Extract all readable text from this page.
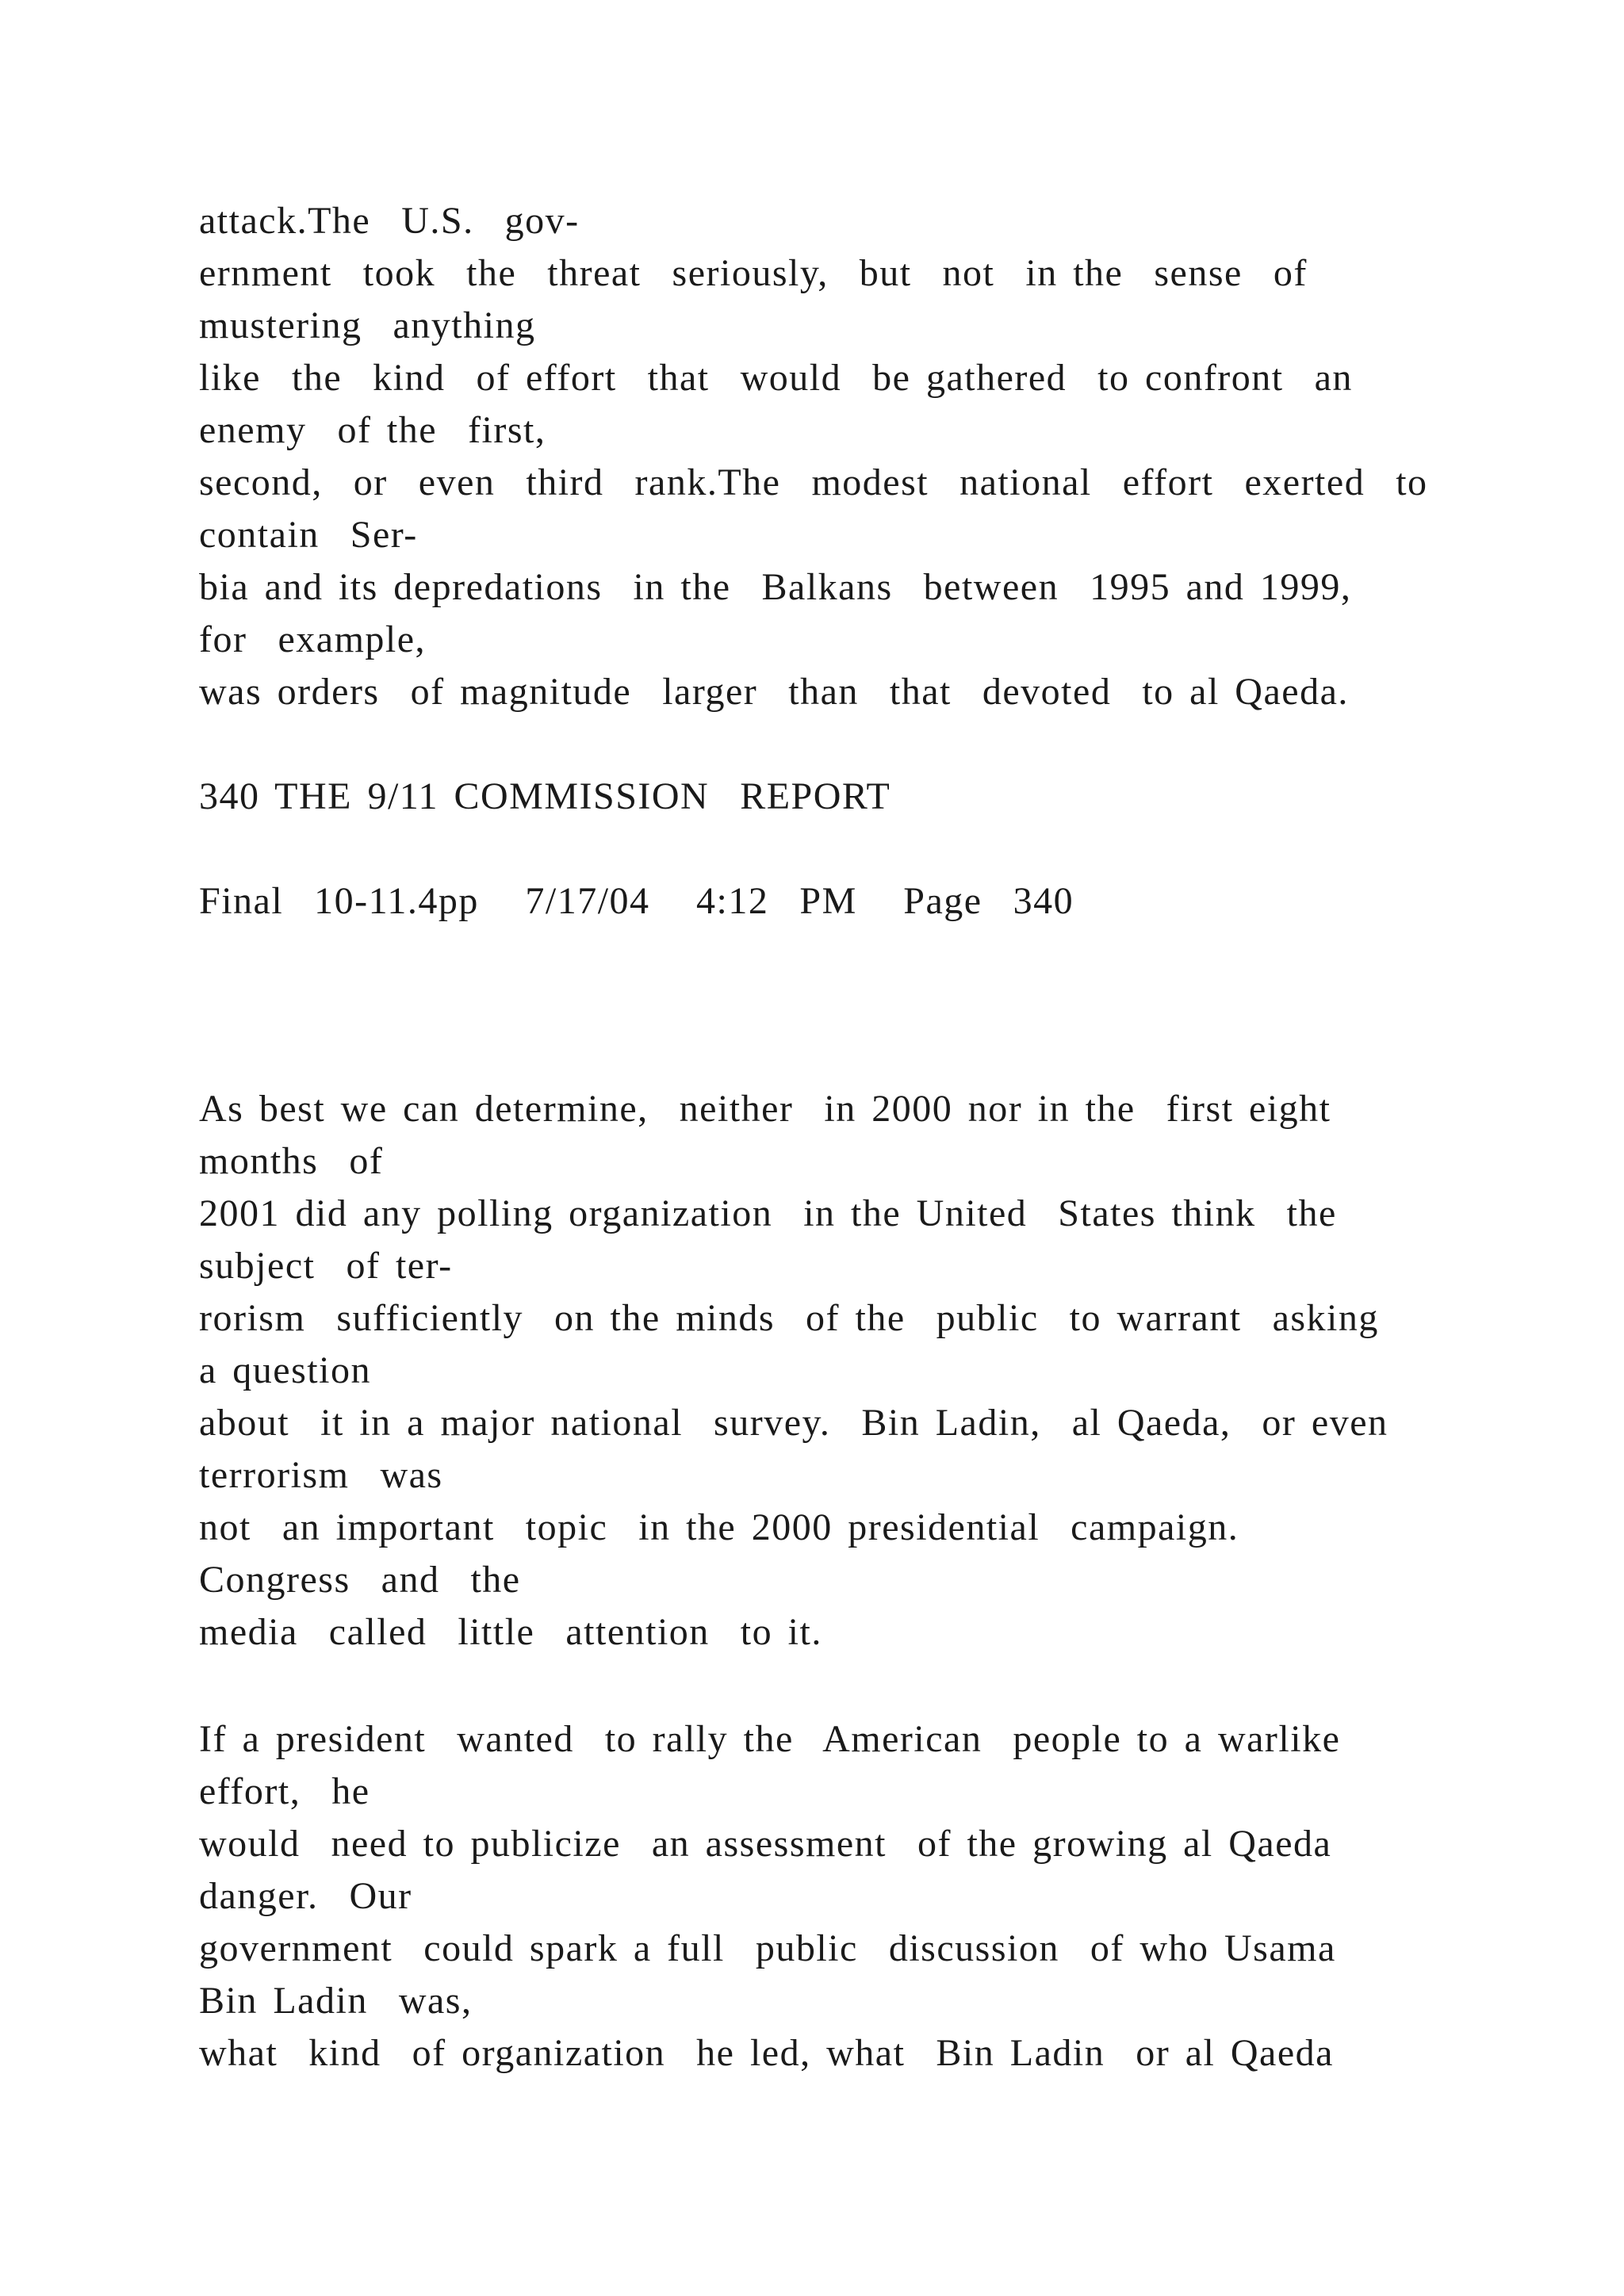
attack.The  U.S.  gov-
ernment  took  the  threat  seriously,  but  not  in the  sense  of
mustering  anything
like  the  kind  of effort  that  would  be gathered  to confront  an
enemy  of the  first,
second,  or  even  third  rank.The  modest  national  effort  exerted  to
contain  Ser-
bia and its depredations  in the  Balkans  between  1995 and 1999,
for  example,
was orders  of magnitude  larger  than  that  devoted  to al Qaeda.
340 THE 9/11 COMMISSION  REPORT
Final  10-11.4pp   7/17/04   4:12  PM   Page  340
As best we can determine,  neither  in 2000 nor in the  first eight
months  of
2001 did any polling organization  in the United  States think  the
subject  of ter-
rorism  sufficiently  on the minds  of the  public  to warrant  asking
a question
about  it in a major national  survey.  Bin Ladin,  al Qaeda,  or even
terrorism  was
not  an important  topic  in the 2000 presidential  campaign.
Congress  and  the
media  called  little  attention  to it.
If a president  wanted  to rally the  American  people to a warlike
effort,  he
would  need to publicize  an assessment  of the growing al Qaeda
danger.  Our
government  could spark a full  public  discussion  of who Usama
Bin Ladin  was,
what  kind  of organization  he led, what  Bin Ladin  or al Qaeda
